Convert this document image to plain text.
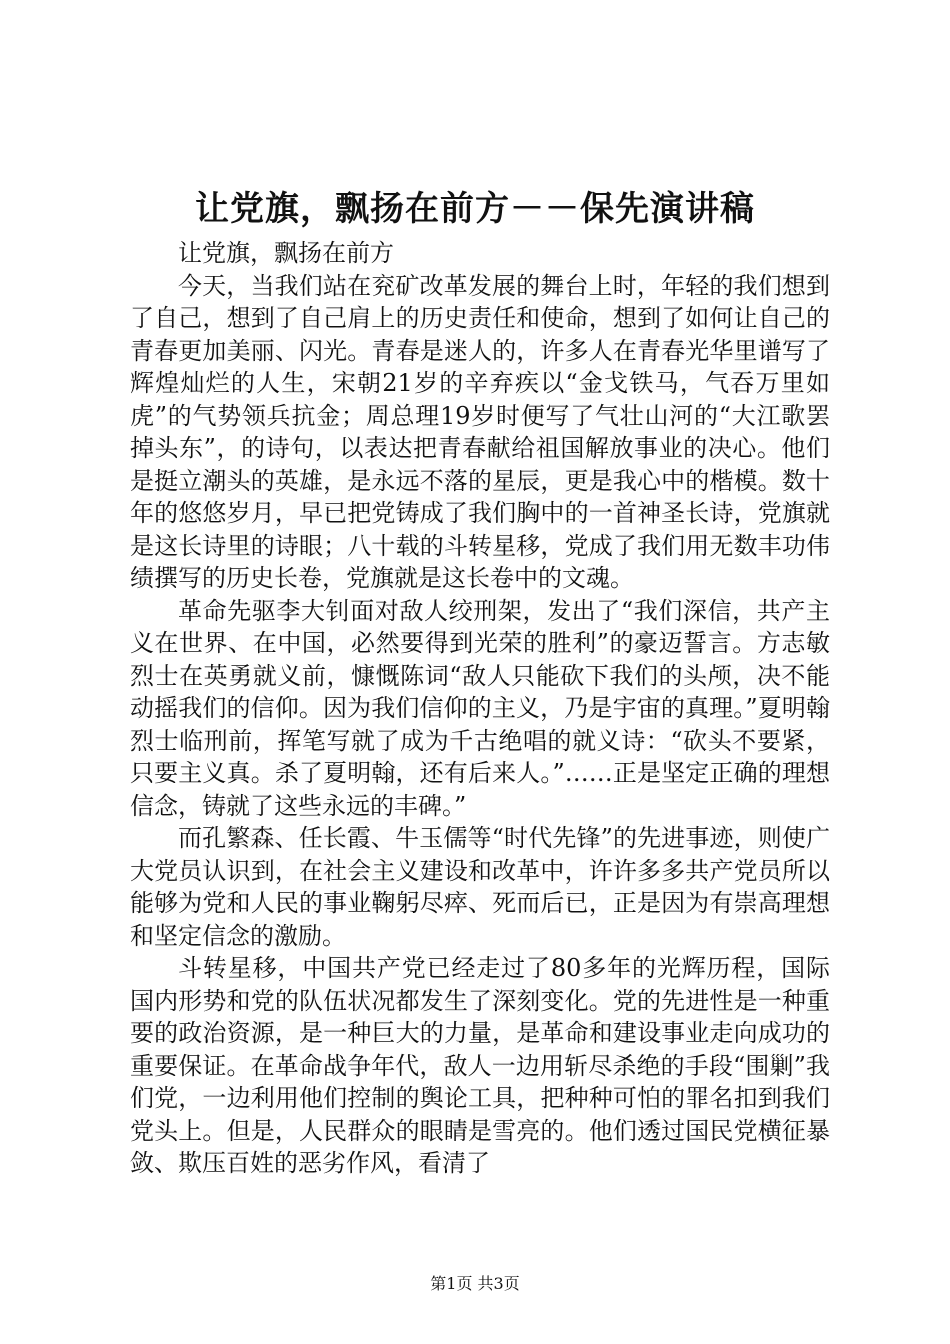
让党旗，飘扬在前方－－保先演讲稿

让党旗，飘扬在前方

今天，当我们站在兖矿改革发展的舞台上时，年轻的我们想到了自己，想到了自己肩上的历史责任和使命，想到了如何让自己的青春更加美丽、闪光。青春是迷人的，许多人在青春光华里谱写了辉煌灿烂的人生，宋朝21岁的辛弃疾以“金戈铁马，气吞万里如虎”的气势领兵抗金；周总理19岁时便写了气壮山河的“大江歌罢掉头东”，的诗句，以表达把青春献给祖国解放事业的决心。他们是挺立潮头的英雄，是永远不落的星辰，更是我心中的楷模。数十年的悠悠岁月，早已把党铸成了我们胸中的一首神圣长诗，党旗就是这长诗里的诗眼；八十载的斗转星移，党成了我们用无数丰功伟绩撰写的历史长卷，党旗就是这长卷中的文魂。

革命先驱李大钊面对敌人绞刑架，发出了“我们深信，共产主义在世界、在中国，必然要得到光荣的胜利”的豪迈誓言。方志敏烈士在英勇就义前，慷慨陈词“敌人只能砍下我们的头颅，决不能动摇我们的信仰。因为我们信仰的主义，乃是宇宙的真理。”夏明翰烈士临刑前，挥笔写就了成为千古绝唱的就义诗：“砍头不要紧，只要主义真。杀了夏明翰，还有后来人。”……正是坚定正确的理想信念，铸就了这些永远的丰碑。”

而孔繁森、任长霞、牛玉儒等“时代先锋”的先进事迹，则使广大党员认识到，在社会主义建设和改革中，许许多多共产党员所以能够为党和人民的事业鞠躬尽瘁、死而后已，正是因为有崇高理想和坚定信念的激励。

斗转星移，中国共产党已经走过了80多年的光辉历程，国际国内形势和党的队伍状况都发生了深刻变化。党的先进性是一种重要的政治资源，是一种巨大的力量，是革命和建设事业走向成功的重要保证。在革命战争年代，敌人一边用斩尽杀绝的手段“围剿”我们党，一边利用他们控制的舆论工具，把种种可怕的罪名扣到我们党头上。但是，人民群众的眼睛是雪亮的。他们透过国民党横征暴敛、欺压百姓的恶劣作风，看清了

第1页 共3页
